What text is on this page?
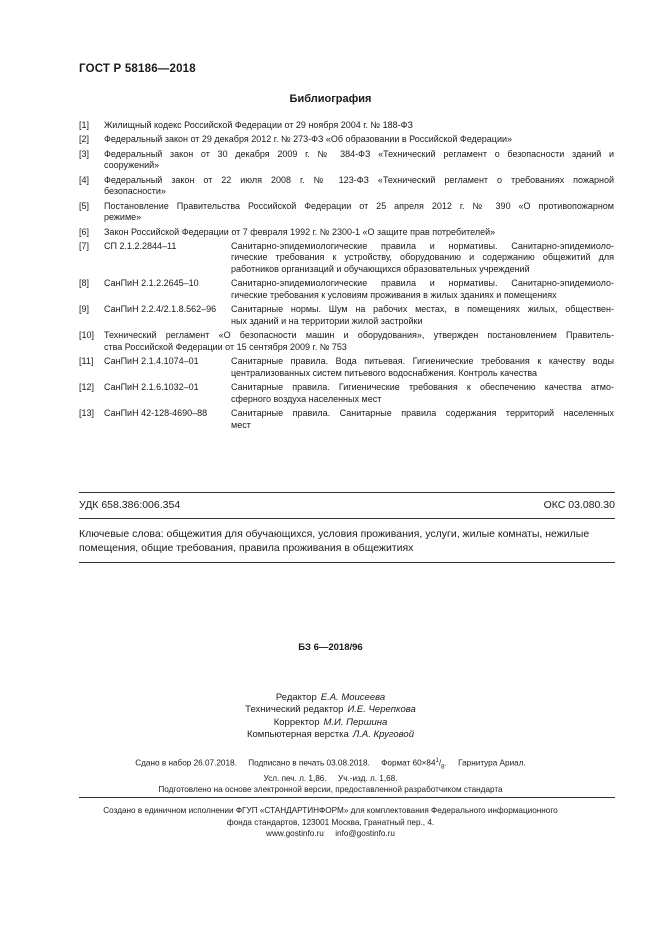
ГОСТ Р 58186—2018
Библиография
[1]	Жилищный кодекс Российской Федерации от 29 ноября 2004 г. № 188-ФЗ
[2]	Федеральный закон от 29 декабря 2012 г. № 273-ФЗ «Об образовании в Российской Федерации»
[3]	Федеральный закон от 30 декабря 2009 г. № 384-ФЗ «Технический регламент о безопасности зданий и
сооружений»
[4]	Федеральный закон от 22 июля 2008 г. № 123-ФЗ «Технический регламент о требованиях пожарной
безопасности»
[5]	Постановление Правительства Российской Федерации от 25 апреля 2012 г. № 390 «О противопожарном
режиме»
[6]	Закон Российской Федерации от 7 февраля 1992 г. № 2300-1 «О защите прав потребителей»
[7]	СП 2.1.2.2844–11	Санитарно-эпидемиологические правила и нормативы. Санитарно-эпидемиоло-
гические требования к устройству, оборудованию и содержанию общежитий для
работников организаций и обучающихся образовательных учреждений
[8]	СанПиН 2.1.2.2645–10	Санитарно-эпидемиологические правила и нормативы. Санитарно-эпидемиоло-
гические требования к условиям проживания в жилых зданиях и помещениях
[9]	СанПиН 2.2.4/2.1.8.562–96	Санитарные нормы. Шум на рабочих местах, в помещениях жилых, обществен-
ных зданий и на территории жилой застройки
[10]	Технический регламент «О безопасности машин и оборудования», утвержден постановлением Правитель-
ства Российской Федерации от 15 сентября 2009 г. № 753
[11]	СанПиН 2.1.4.1074–01	Санитарные правила. Вода питьевая. Гигиенические требования к качеству воды
централизованных систем питьевого водоснабжения. Контроль качества
[12]	СанПиН 2.1.6.1032–01	Санитарные правила. Гигиенические требования к обеспечению качества атмо-
сферного воздуха населенных мест
[13]	СанПиН 42-128-4690–88	Санитарные правила. Санитарные правила содержания территорий населенных
мест
УДК 658.386:006.354	ОКС 03.080.30
Ключевые слова: общежития для обучающихся, условия проживания, услуги, жилые комнаты, нежилые помещения, общие требования, правила проживания в общежитиях
БЗ 6—2018/96
Редактор Е.А. Моисеева
Технический редактор И.Е. Черепкова
Корректор М.И. Першина
Компьютерная верстка Л.А. Круговой
Сдано в набор 26.07.2018. Подписано в печать 03.08.2018. Формат $60\times 84^1/_8$.     Гарнитура Ариал.
Усл. печ. л. 1,86. Уч.-изд. л. 1,68.
Подготовлено на основе электронной версии, предоставленной разработчиком стандарта
Создано в единичном исполнении ФГУП «СТАНДАРТИНФОРМ» для комплектования Федерального информационного
фонда стандартов, 123001 Москва, Гранатный пер., 4.
www.gostinfo.ru info@gostinfo.ru
